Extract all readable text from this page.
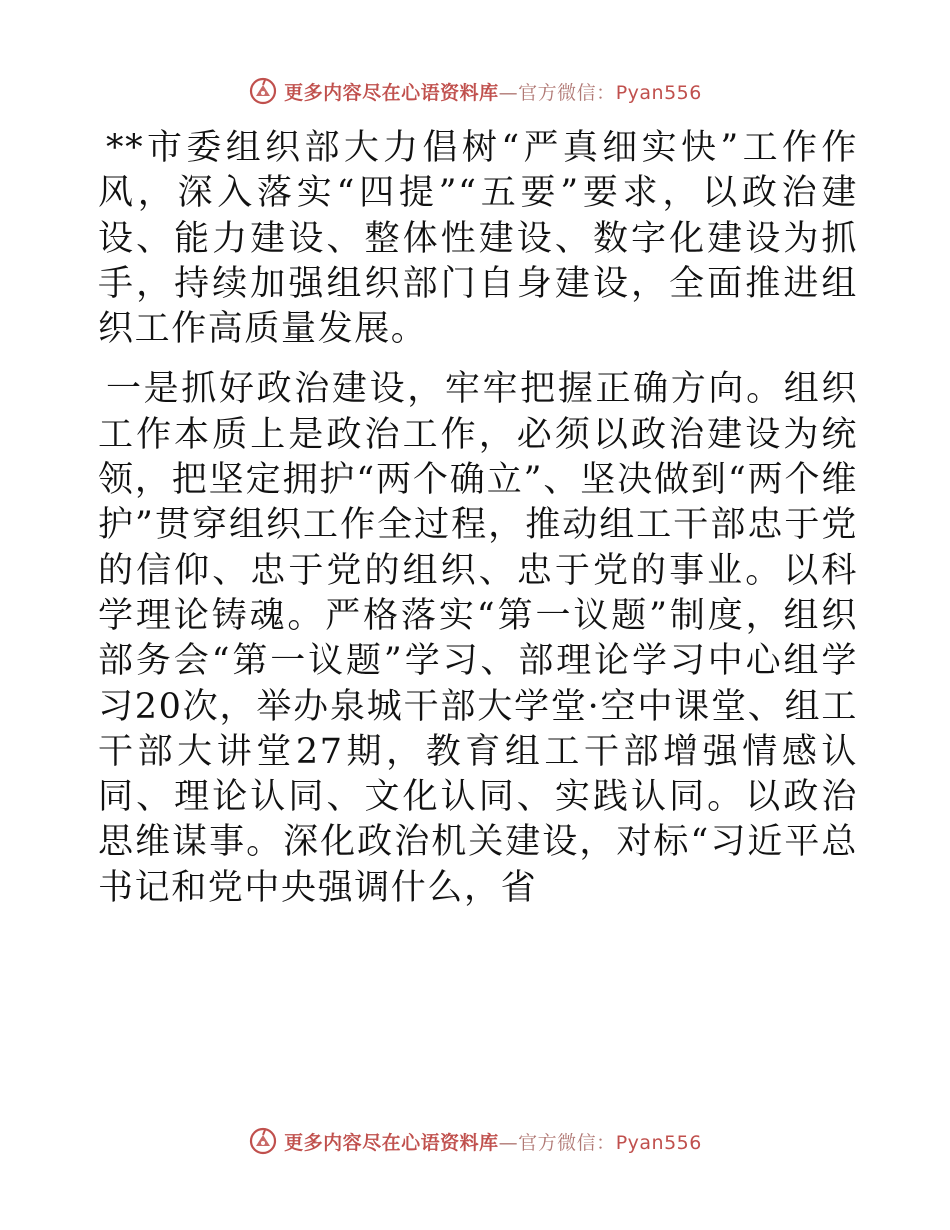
更多内容尽在心语资料库—官方微信：Pyan556

**市委组织部大力倡树“严真细实快”工作作风，深入落实“四提”“五要”要求，以政治建设、能力建设、整体性建设、数字化建设为抓手，持续加强组织部门自身建设，全面推进组织工作高质量发展。

一是抓好政治建设，牢牢把握正确方向。组织工作本质上是政治工作，必须以政治建设为统领，把坚定拥护“两个确立”、坚决做到“两个维护”贯穿组织工作全过程，推动组工干部忠于党的信仰、忠于党的组织、忠于党的事业。以科学理论铸魂。严格落实“第一议题”制度，组织部务会“第一议题”学习、部理论学习中心组学习20次，举办泉城干部大学堂·空中课堂、组工干部大讲堂27期，教育组工干部增强情感认同、理论认同、文化认同、实践认同。以政治思维谋事。深化政治机关建设，对标“习近平总书记和党中央强调什么，省

更多内容尽在心语资料库—官方微信：Pyan556
